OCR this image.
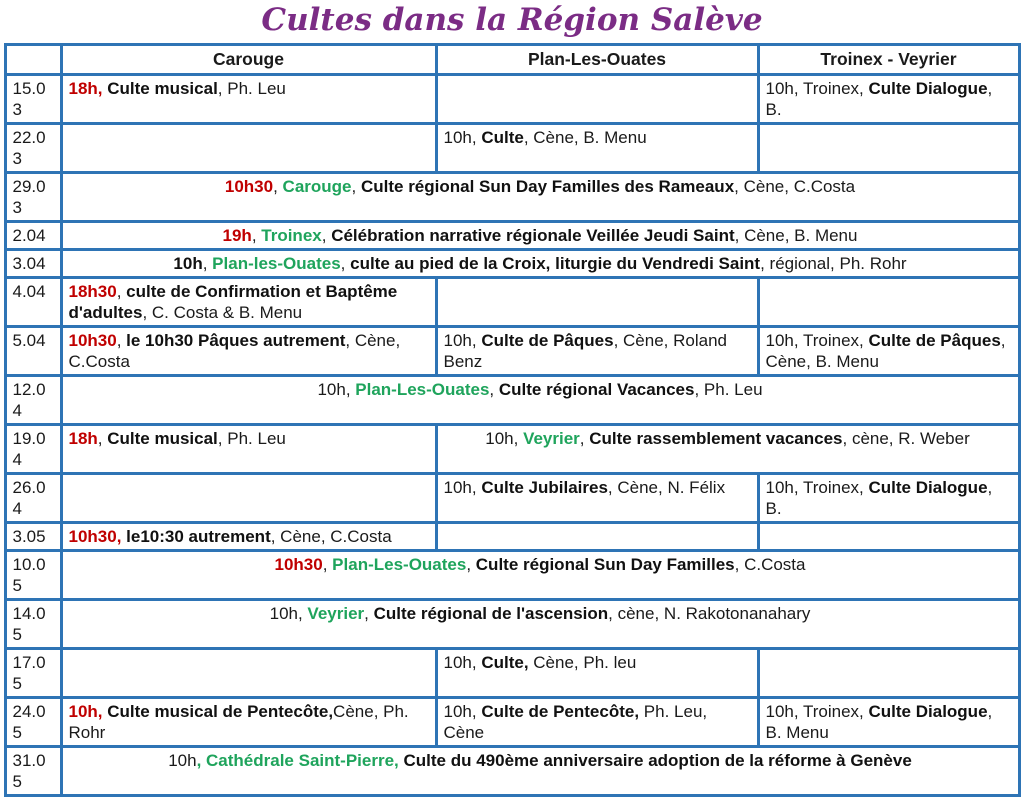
Cultes dans la Région Salève
	Carouge	Plan-Les-Ouates	Troinex - Veyrier
15.03	18h, Culte musical, Ph. Leu		10h, Troinex, Culte Dialogue, B.
22.03		10h, Culte, Cène, B. Menu	
29.03	10h30, Carouge, Culte régional Sun Day Familles des Rameaux, Cène, C.Costa		
2.04	19h, Troinex, Célébration narrative régionale Veillée Jeudi Saint, Cène, B. Menu		
3.04	10h, Plan-les-Ouates, culte au pied de la Croix, liturgie du Vendredi Saint, régional, Ph. Rohr		
4.04	18h30, culte de Confirmation et Baptême d'adultes, C. Costa & B. Menu		
5.04	10h30, le 10h30 Pâques autrement, Cène, C.Costa	10h, Culte de Pâques, Cène, Roland Benz	10h, Troinex, Culte de Pâques, Cène, B. Menu
12.04	10h, Plan-Les-Ouates, Culte régional Vacances, Ph. Leu		
19.04	18h, Culte musical, Ph. Leu	10h, Veyrier, Culte rassemblement vacances, cène, R. Weber	
26.04		10h, Culte Jubilaires, Cène, N. Félix	10h, Troinex, Culte Dialogue, B.
3.05	10h30, le10:30 autrement, Cène, C.Costa		
10.05	10h30, Plan-Les-Ouates, Culte régional Sun Day Familles, C.Costa		
14.05	10h, Veyrier, Culte régional de l'ascension, cène, N. Rakotonanahary		
17.05		10h, Culte, Cène, Ph. leu	
24.05	10h, Culte musical de Pentecôte,Cène, Ph. Rohr	10h, Culte de Pentecôte, Ph. Leu, Cène	10h, Troinex, Culte Dialogue, B. Menu
31.05	10h, Cathédrale Saint-Pierre, Culte du 490ème anniversaire adoption de la réforme à Genève		
